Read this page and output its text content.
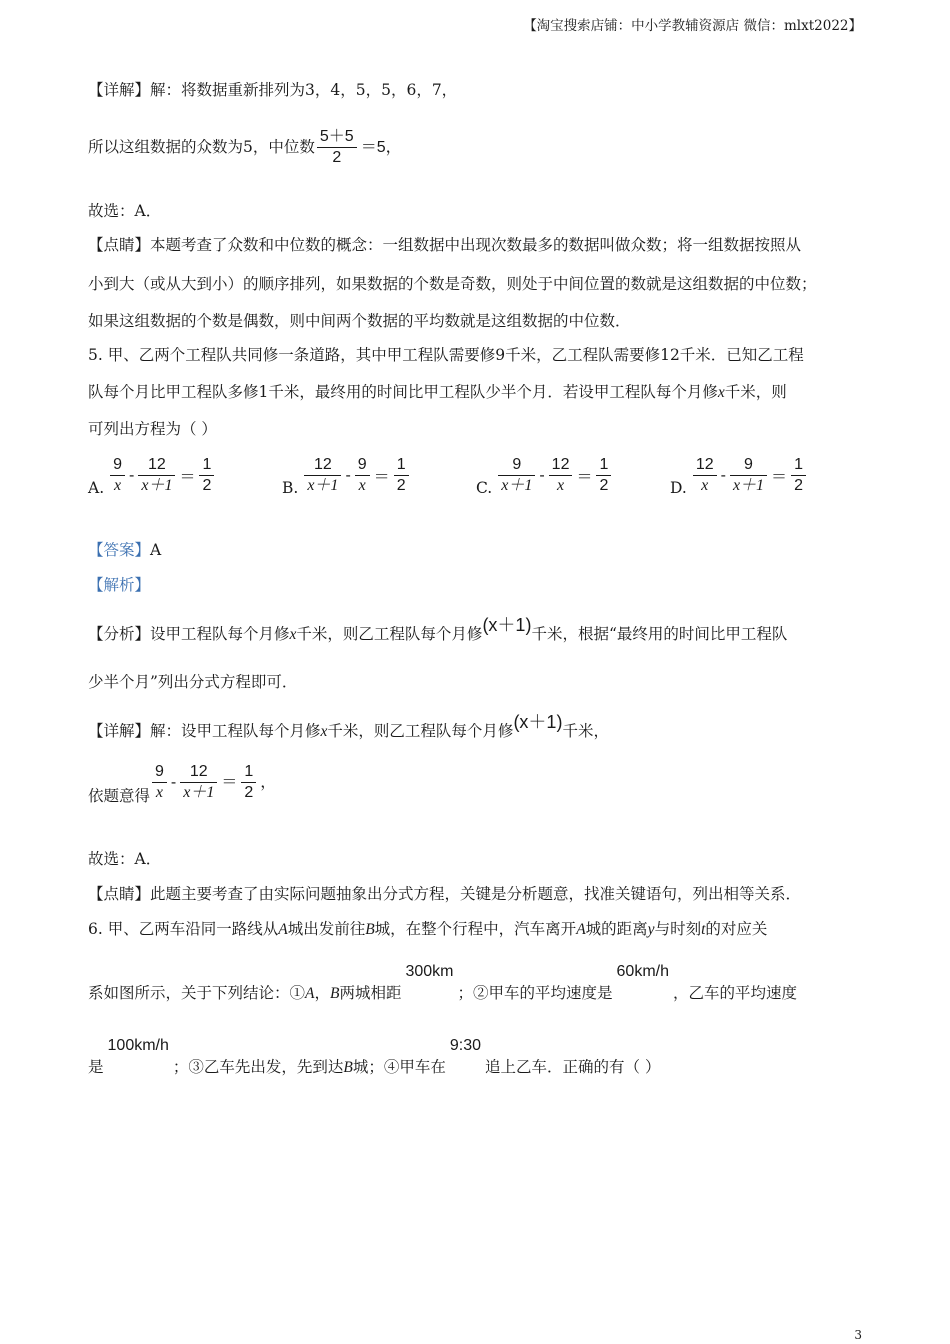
【淘宝搜索店铺：中小学教辅资源店 微信：mlxt2022】
【详解】解：将数据重新排列为3，4，5，5，6，7，
所以这组数据的众数为5，中位数 $\frac{5+5}{2} =5$，
故选：A．
【点睛】本题考查了众数和中位数的概念：一组数据中出现次数最多的数据叫做众数；将一组数据按照从
小到大（或从大到小）的顺序排列，如果数据的个数是奇数，则处于中间位置的数就是这组数据的中位数；
如果这组数据的个数是偶数，则中间两个数据的平均数就是这组数据的中位数．
5. 甲、乙两个工程队共同修一条道路，其中甲工程队需要修9千米，乙工程队需要修12千米．已知乙工程
队每个月比甲工程队多修1千米，最终用的时间比甲工程队少半个月．若设甲工程队每个月修x千米，则
可列出方程为（ ）
A. $\frac{9}{x} - \frac{12}{x+1} = \frac{1}{2}$	B. $\frac{12}{x+1} - \frac{9}{x} = \frac{1}{2}$	C. $\frac{9}{x+1} - \frac{12}{x} = \frac{1}{2}$	D. $\frac{12}{x} - \frac{9}{x+1} = \frac{1}{2}$
【答案】A
【解析】
【分析】设甲工程队每个月修x千米，则乙工程队每个月修(x＋1)千米，根据“最终用的时间比甲工程队
少半个月”列出分式方程即可．
【详解】解：设甲工程队每个月修x千米，则乙工程队每个月修(x＋1)千米，
依题意得 $\frac{9}{x} - \frac{12}{x+1} = \frac{1}{2}$ ，
故选：A．
【点睛】此题主要考查了由实际问题抽象出分式方程，关键是分析题意，找准关键语句，列出相等关系．
6. 甲、乙两车沿同一路线从A城出发前往B城，在整个行程中，汽车离开A城的距离y与时刻t的对应关
系如图所示，关于下列结论：①A，B两城相距300km；②甲车的平均速度是60km/h，乙车的平均速度
是100km/h；③乙车先出发，先到达B城；④甲车在9:30追上乙车．正确的有（ ）
3
